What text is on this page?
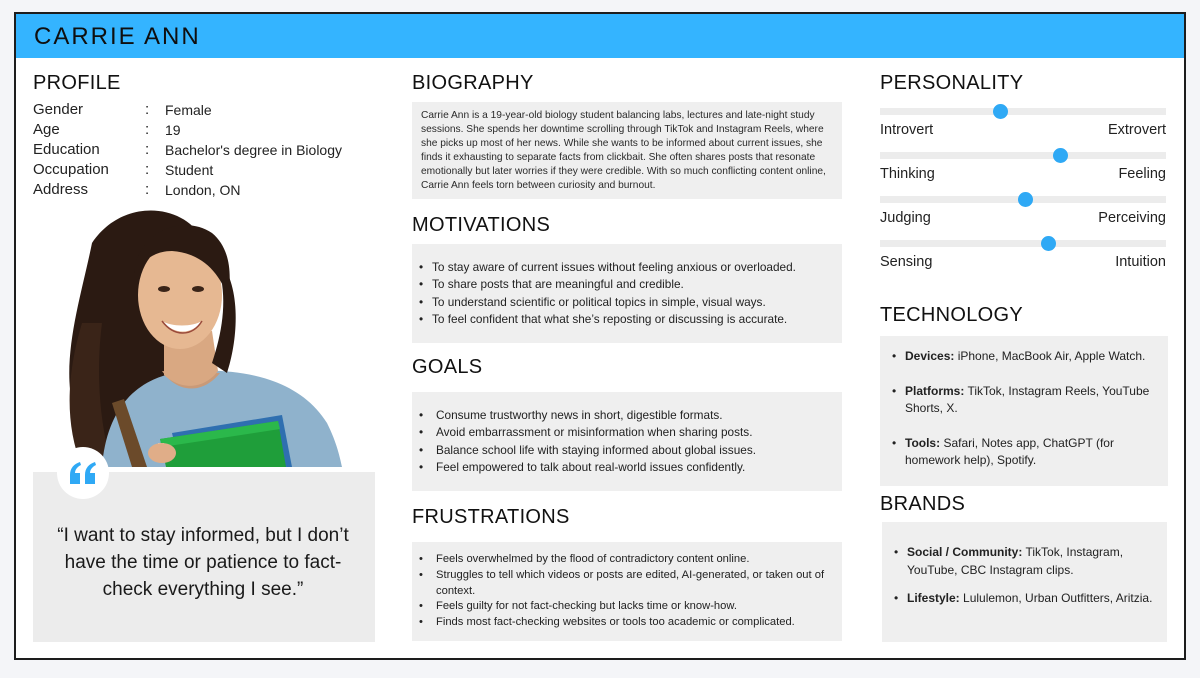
CARRIE ANN
PROFILE
Gender	:	Female
Age	:	19
Education	:	Bachelor's degree in Biology
Occupation	:	Student
Address	:	London, ON
“I want to stay informed, but I don’t have the time or patience to fact-check everything I see.”
BIOGRAPHY
Carrie Ann is a 19-year-old biology student balancing labs, lectures and late-night study sessions. She spends her downtime scrolling through TikTok and Instagram Reels, where she picks up most of her news. While she wants to be informed about current issues, she finds it exhausting to separate facts from clickbait. She often shares posts that resonate emotionally but later worries if they were credible. With so much conflicting content online, Carrie Ann feels torn between curiosity and burnout.
MOTIVATIONS
• To stay aware of current issues without feeling anxious or overloaded.
• To share posts that are meaningful and credible.
• To understand scientific or political topics in simple, visual ways.
• To feel confident that what she’s reposting or discussing is accurate.
GOALS
• Consume trustworthy news in short, digestible formats.
• Avoid embarrassment or misinformation when sharing posts.
• Balance school life with staying informed about global issues.
• Feel empowered to talk about real-world issues confidently.
FRUSTRATIONS
• Feels overwhelmed by the flood of contradictory content online.
• Struggles to tell which videos or posts are edited, AI-generated, or taken out of context.
• Feels guilty for not fact-checking but lacks time or know-how.
• Finds most fact-checking websites or tools too academic or complicated.
PERSONALITY
Introvert	Extrovert
Thinking	Feeling
Judging	Perceiving
Sensing	Intuition
TECHNOLOGY
• Devices: iPhone, MacBook Air, Apple Watch.
• Platforms: TikTok, Instagram Reels, YouTube Shorts, X.
• Tools: Safari, Notes app, ChatGPT (for homework help), Spotify.
BRANDS
• Social / Community: TikTok, Instagram, YouTube, CBC Instagram clips.
• Lifestyle: Lululemon, Urban Outfitters, Aritzia.
